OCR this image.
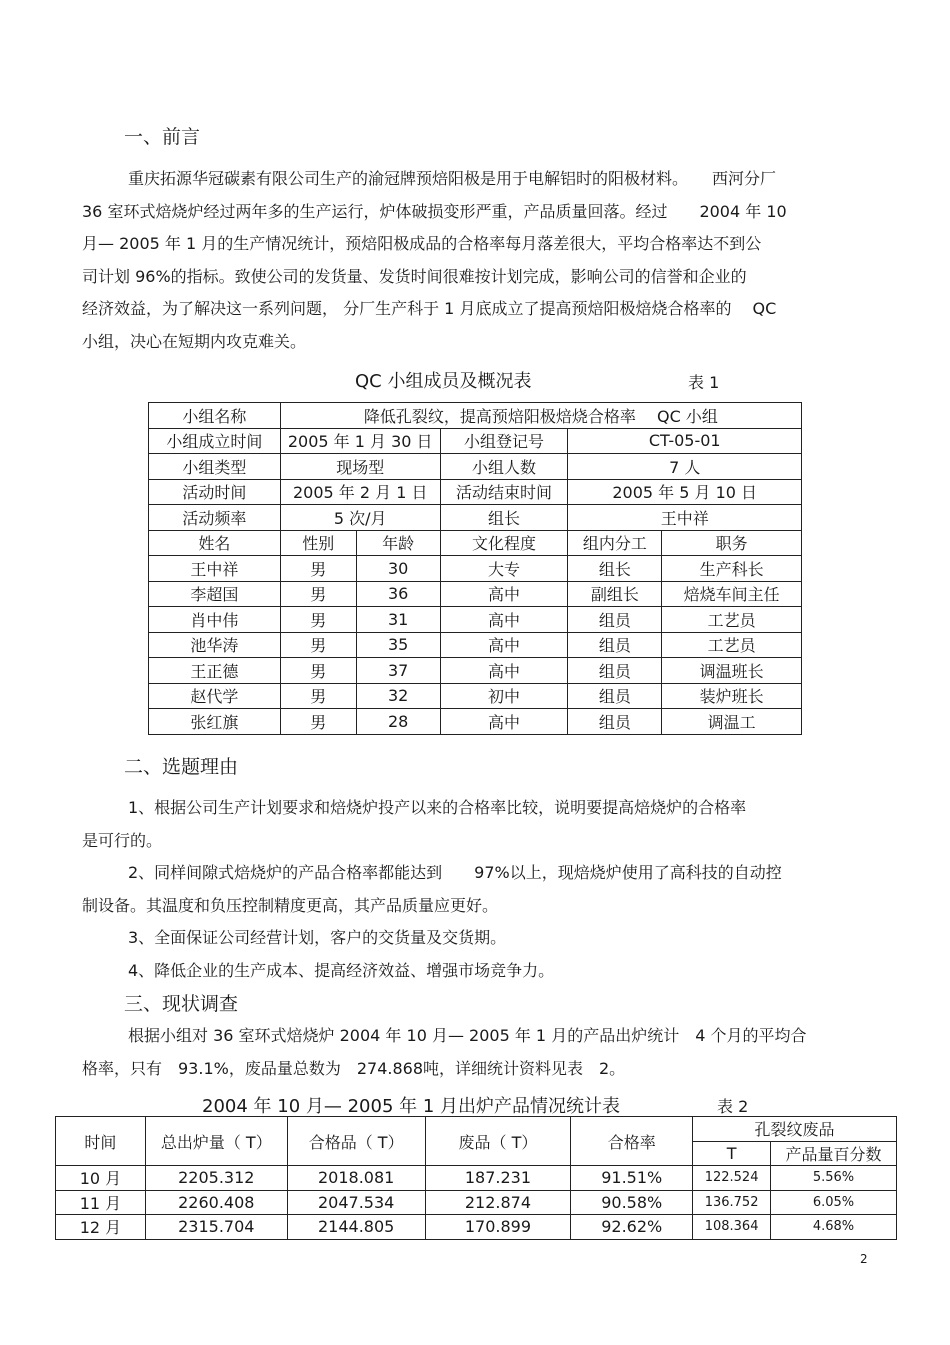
一、前言
重庆拓源华冠碳素有限公司生产的渝冠牌预焙阳极是用于电解铝时的阳极材料。　　西河分厂
36 室环式焙烧炉经过两年多的生产运行，炉体破损变形严重，产品质量回落。经过　　2004 年 10
月— 2005 年 1 月的生产情况统计，预焙阳极成品的合格率每月落差很大，平均合格率达不到公
司计划 96%的指标。致使公司的发货量、发货时间很难按计划完成，影响公司的信誉和企业的
经济效益，为了解决这一系列问题， 分厂生产科于 1 月底成立了提高预焙阳极焙烧合格率的　 QC
小组，决心在短期内攻克难关。
QC 小组成员及概况表	表 1
小组名称	降低孔裂纹，提高预焙阳极焙烧合格率　 QC 小组				
小组成立时间	2005 年 1 月 30 日		小组登记号	CT-05-01	
小组类型	现场型		小组人数	7 人	
活动时间	2005 年 2 月 1 日		活动结束时间	2005 年 5 月 10 日	
活动频率	5 次/月		组长	王中祥	
姓名	性别	年龄	文化程度	组内分工	职务
王中祥	男	30	大专	组长	生产科长
李超国	男	36	高中	副组长	焙烧车间主任
肖中伟	男	31	高中	组员	工艺员
池华涛	男	35	高中	组员	工艺员
王正德	男	37	高中	组员	调温班长
赵代学	男	32	初中	组员	装炉班长
张红旗	男	28	高中	组员	调温工
二、选题理由
1、根据公司生产计划要求和焙烧炉投产以来的合格率比较，说明要提高焙烧炉的合格率
是可行的。
2、同样间隙式焙烧炉的产品合格率都能达到　　97%以上，现焙烧炉使用了高科技的自动控
制设备。其温度和负压控制精度更高，其产品质量应更好。
3、全面保证公司经营计划，客户的交货量及交货期。
4、降低企业的生产成本、提高经济效益、增强市场竞争力。
三、现状调查
根据小组对 36 室环式焙烧炉 2004 年 10 月— 2005 年 1 月的产品出炉统计　4 个月的平均合
格率，只有　93.1%，废品量总数为　274.868吨，详细统计资料见表　2。
2004 年 10 月— 2005 年 1 月出炉产品情况统计表	表 2
时间	总出炉量（ T）	合格品（ T）	废品（ T）	合格率	孔裂纹废品	
					T	产品量百分数
10 月	2205.312	2018.081	187.231	91.51%	122.524	5.56%
11 月	2260.408	2047.534	212.874	90.58%	136.752	6.05%
12 月	2315.704	2144.805	170.899	92.62%	108.364	4.68%
2
